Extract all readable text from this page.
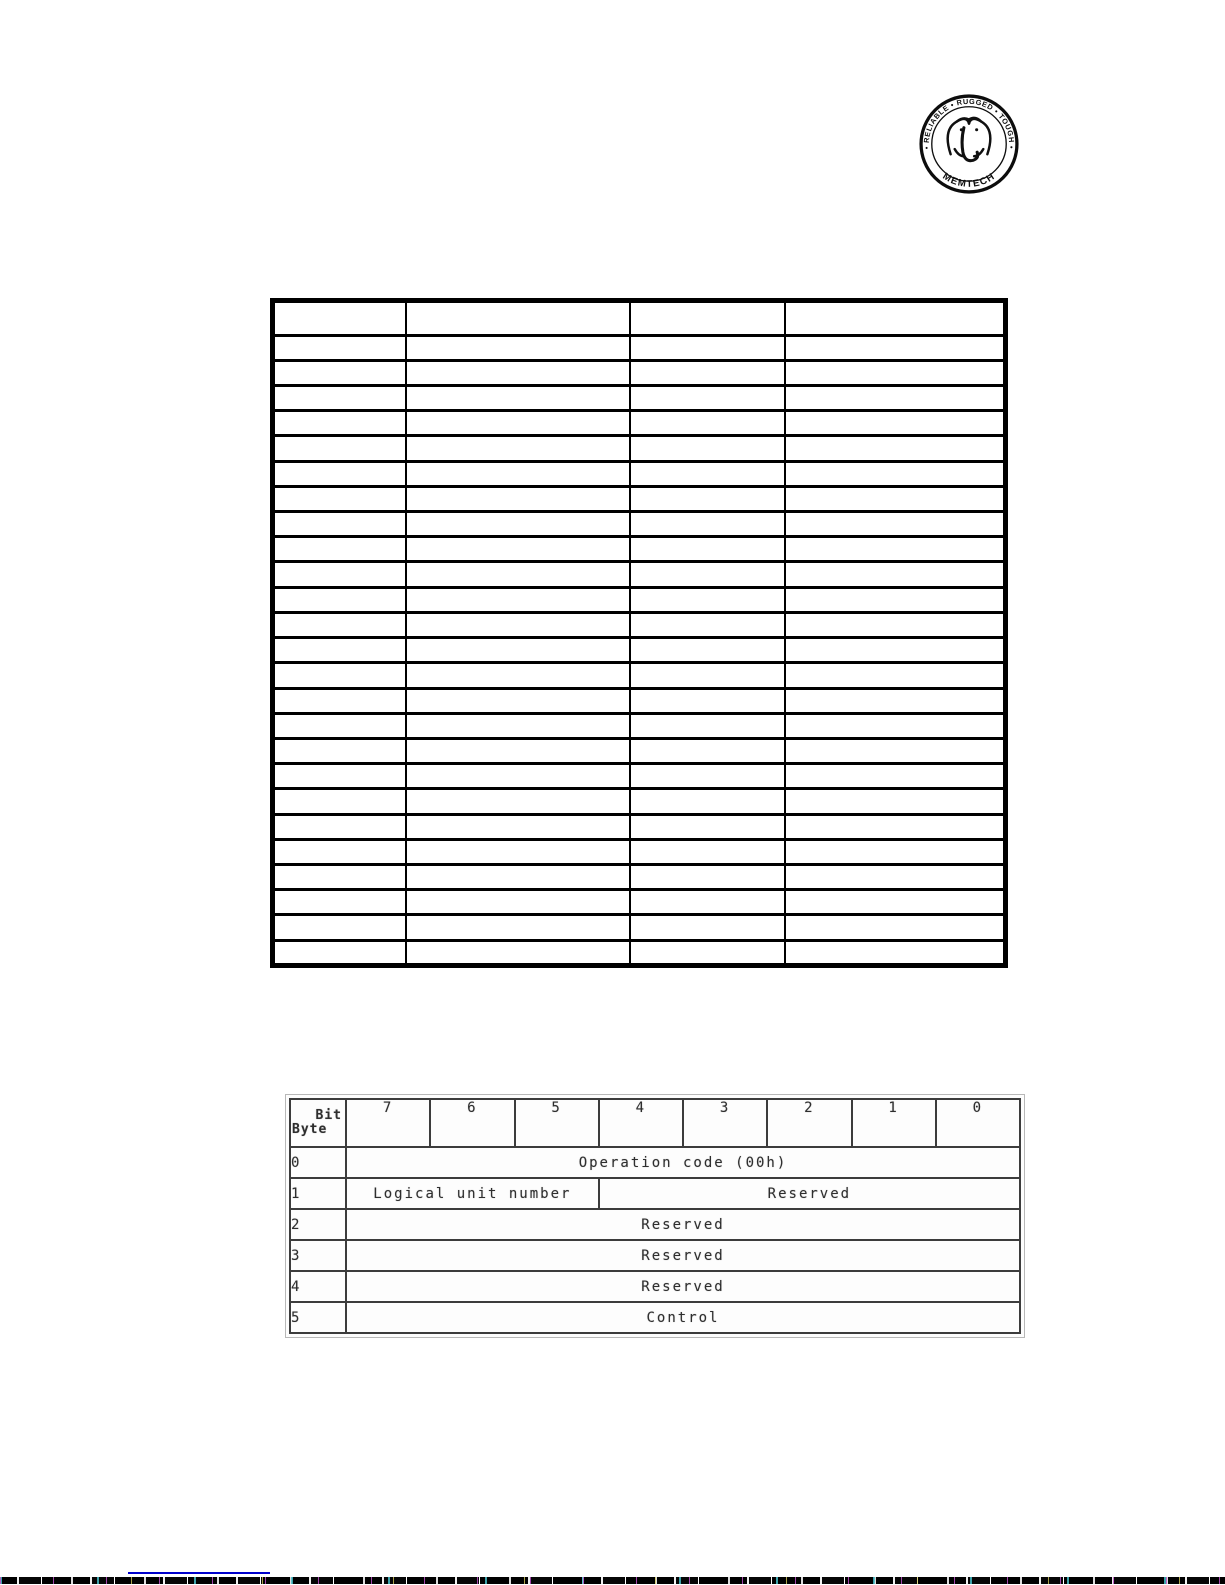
• RELIABLE • RUGGED • TOUGH •
MEMTECH

Bit
Byte	7	6	5	4	3	2	1	0
0	Operation code (00h)							
1	Logical unit number			Reserved				
2	Reserved							
3	Reserved							
4	Reserved							
5	Control							
